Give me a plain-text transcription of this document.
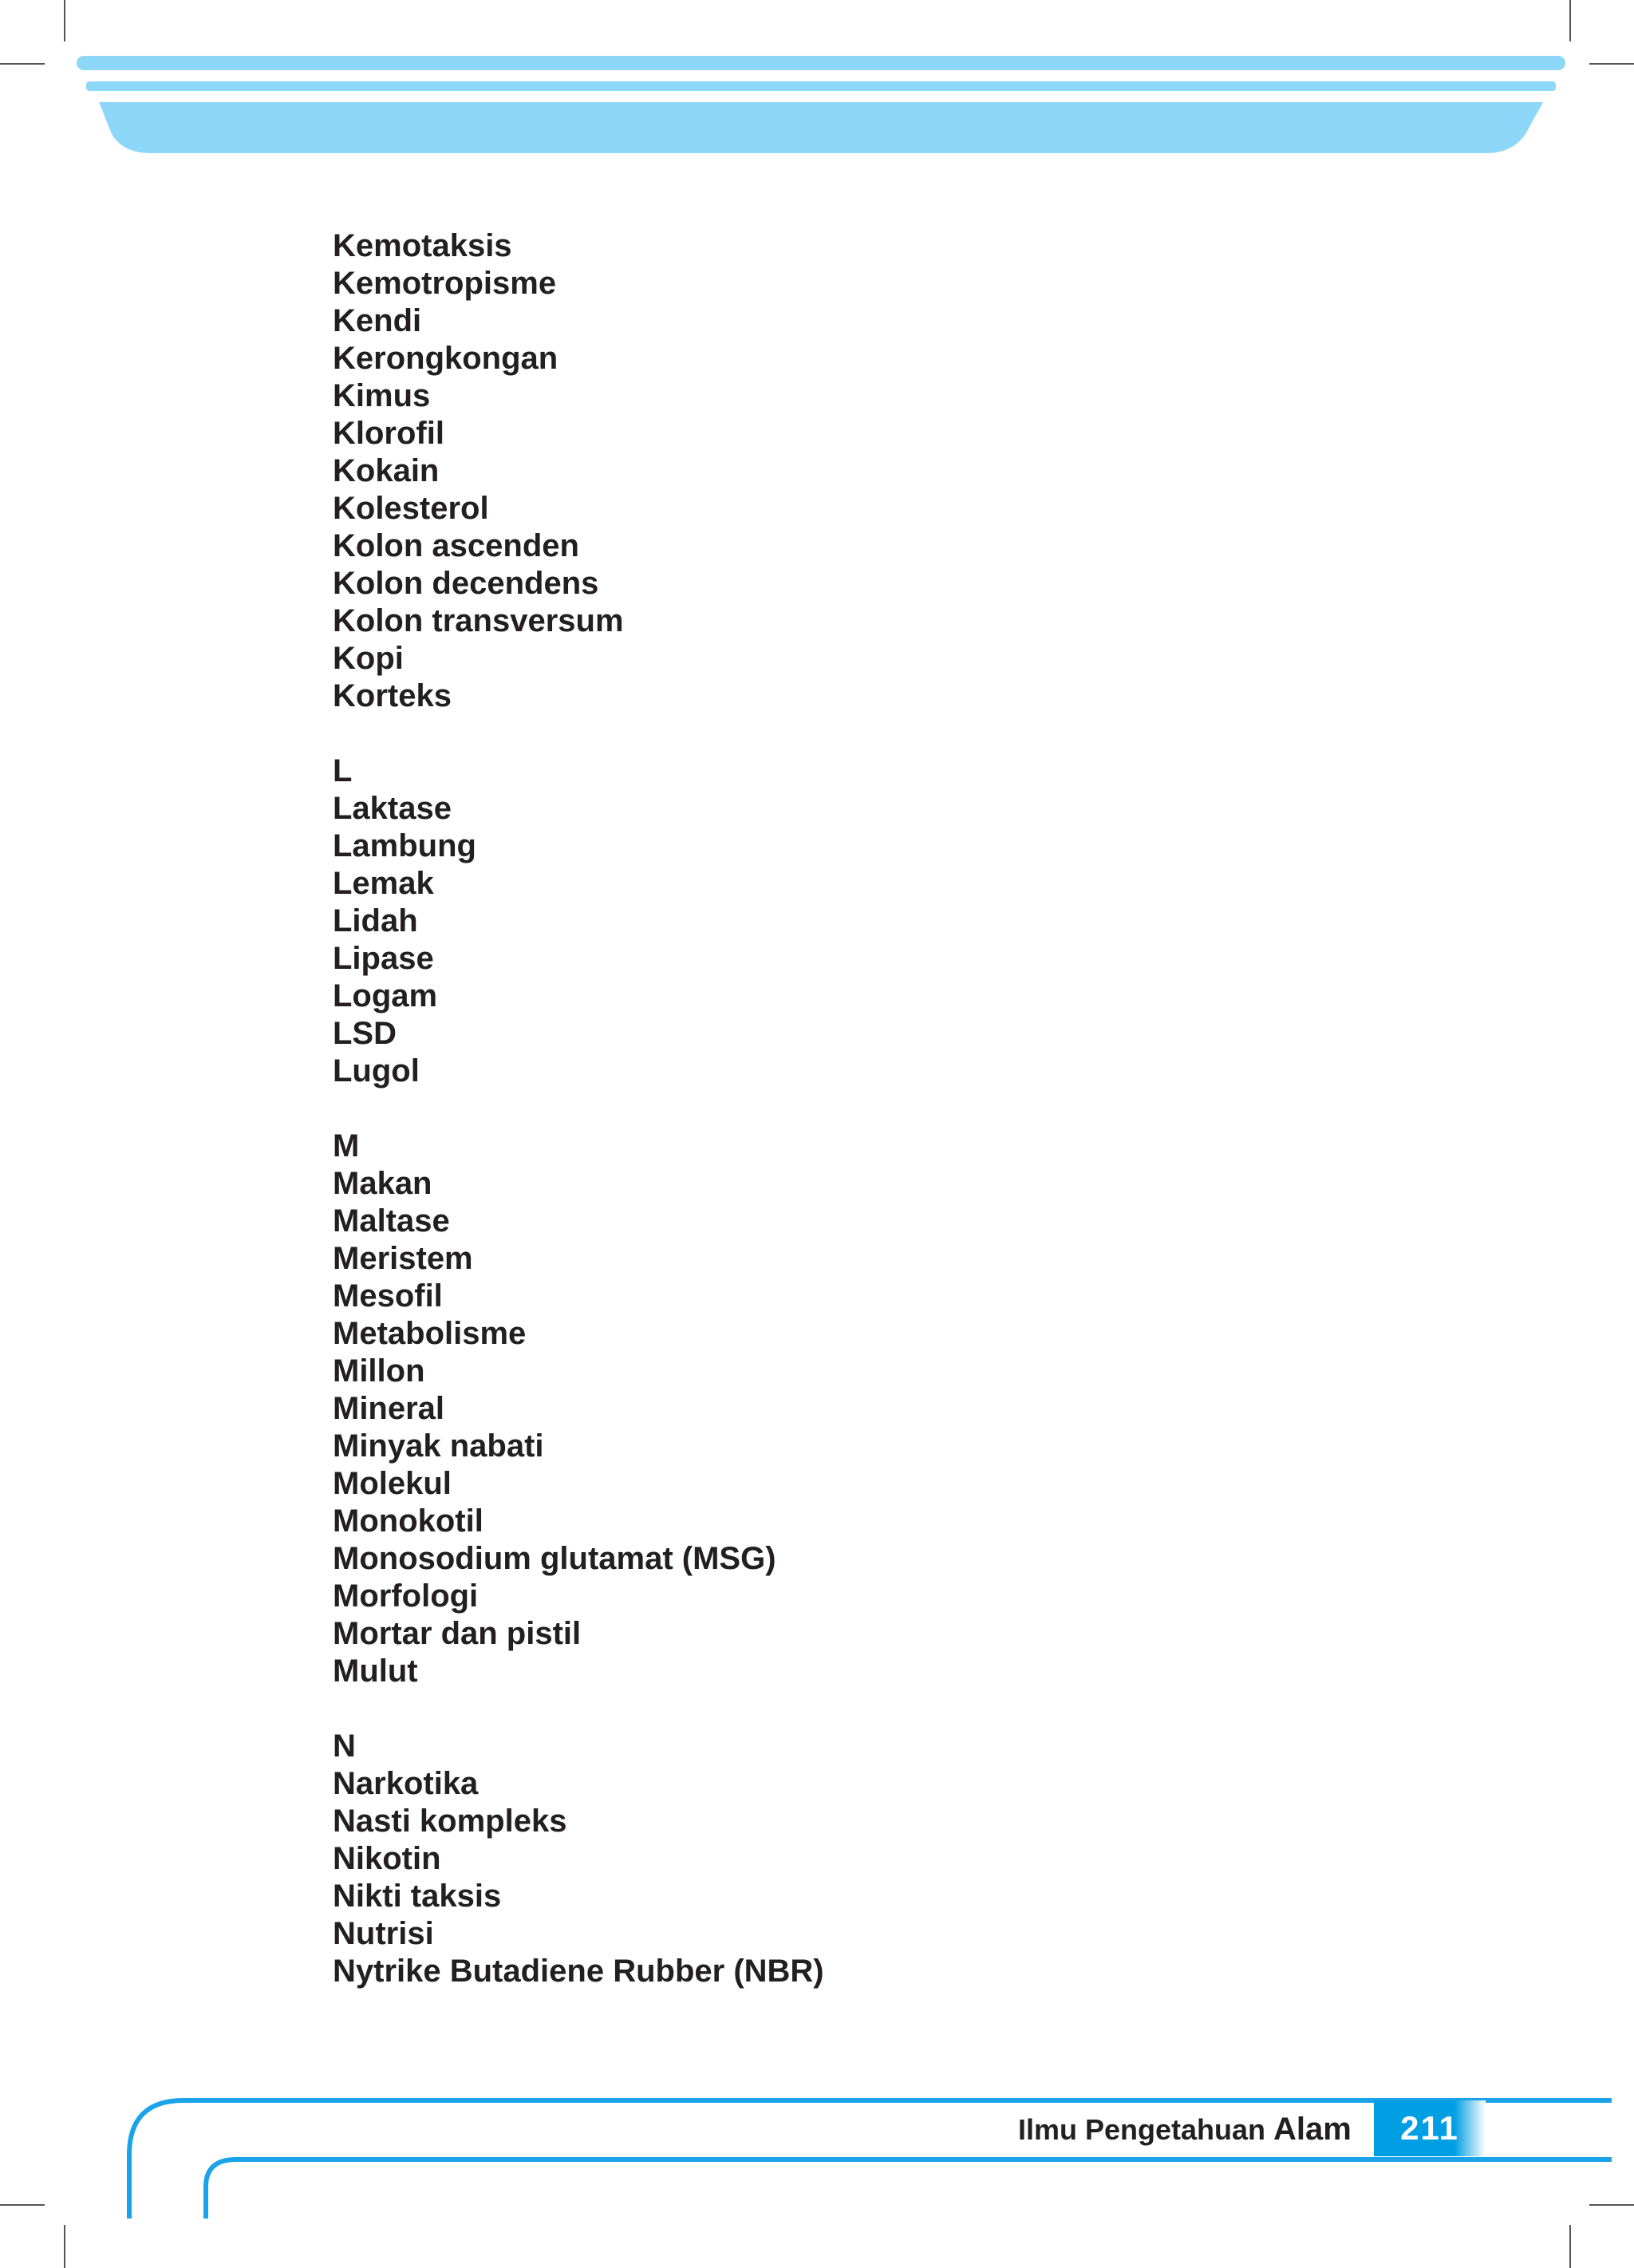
Kemotaksis
Kemotropisme
Kendi
Kerongkongan
Kimus
Klorofil
Kokain
Kolesterol
Kolon ascenden
Kolon decendens
Kolon transversum
Kopi
Korteks
L
Laktase
Lambung
Lemak
Lidah
Lipase
Logam
LSD
Lugol
M
Makan
Maltase
Meristem
Mesofil
Metabolisme
Millon
Mineral
Minyak nabati
Molekul
Monokotil
Monosodium glutamat (MSG)
Morfologi
Mortar dan pistil
Mulut
N
Narkotika
Nasti kompleks
Nikotin
Nikti taksis
Nutrisi
Nytrike Butadiene Rubber (NBR)
Ilmu Pengetahuan Alam	211
